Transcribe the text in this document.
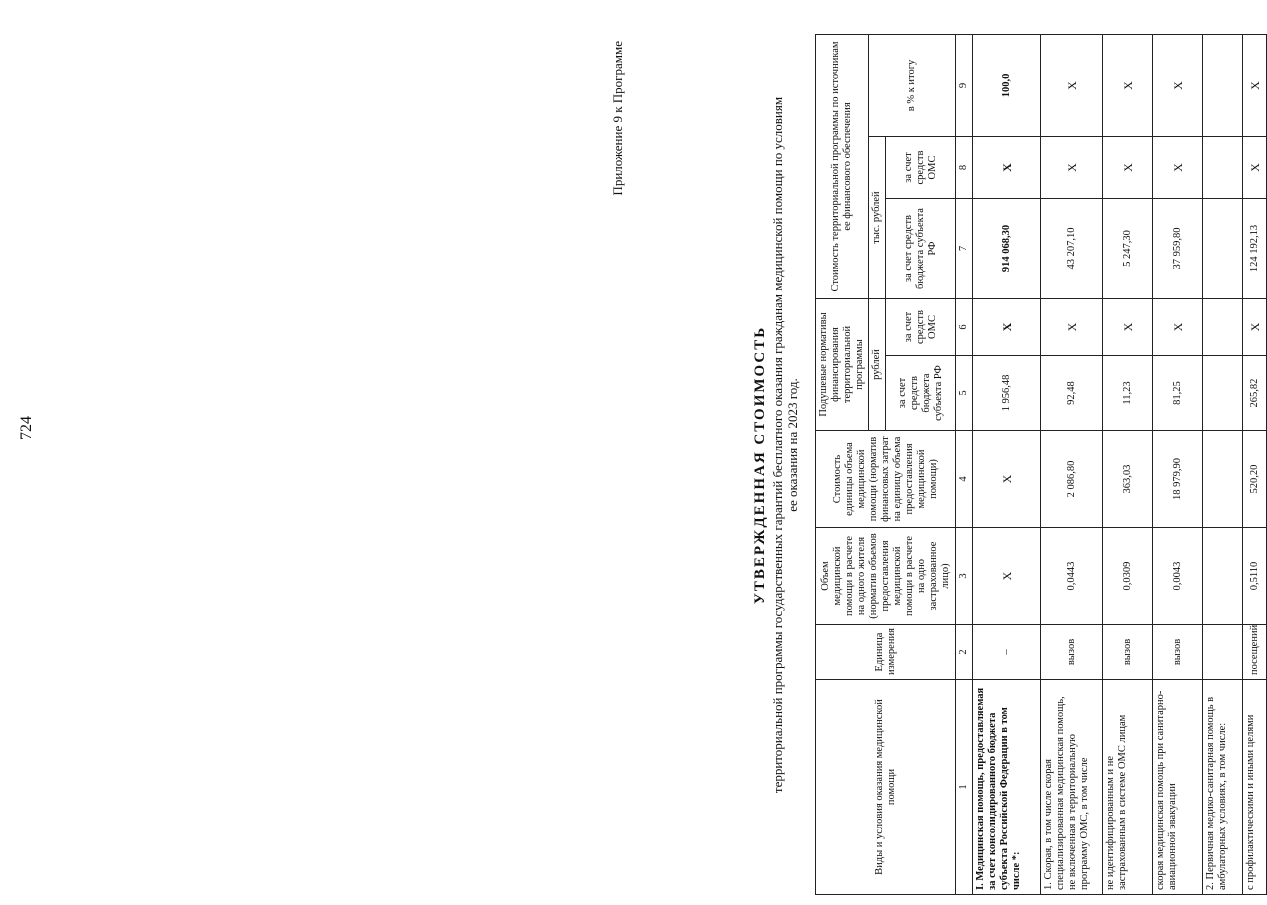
724
Приложение 9 к Программе
УТВЕРЖДЕННАЯ СТОИМОСТЬ территориальной программы государственных гарантий бесплатного оказания гражданам медицинской помощи по условиям ее оказания на 2023 год.
Виды и условия оказания медицинской помощи	Единица измерения	Объем медицинской помощи в расчете на одного жителя (норматив объемов предоставления медицинской помощи в расчете на одно застрахованное лицо)	Стоимость единицы объема медицинской помощи (норматив финансовых затрат на единицу объема предоставления медицинской помощи)	Подушевые нормативы финансирования территориальной программы		Стоимость территориальной программы по источникам ее финансового обеспечения		
				рублей		тыс. рублей		в % к итогу
				за счет средств бюджета субъекта РФ	за счет средств ОМС	за счет средств бюджета субъекта РФ	за счет средств ОМС	
1	2	3	4	5	6	7	8	9
I. Медицинская помощь, предоставляемая за счет консолидированного бюджета субъекта Российской Федерации в том числе *:	–	X	X	1 956,48	X	914 068,30	X	100,0
1. Скорая, в том числе скорая специализированная медицинская помощь, не включенная в территориальную программу ОМС, в том числе	вызов	0,0443	2 086,80	92,48	X	43 207,10	X	X
не идентифицированным и не застрахованным в системе ОМС лицам	вызов	0,0309	363,03	11,23	X	5 247,30	X	X
скорая медицинская помощь при санитарно-авиационной эвакуации	вызов	0,0043	18 979,90	81,25	X	37 959,80	X	X
2. Первичная медико-санитарная помощь в амбулаторных условиях, в том числе:								
с профилактическими и иными целями	посещений	0,5110	520,20	265,82	X	124 192,13	X	X
